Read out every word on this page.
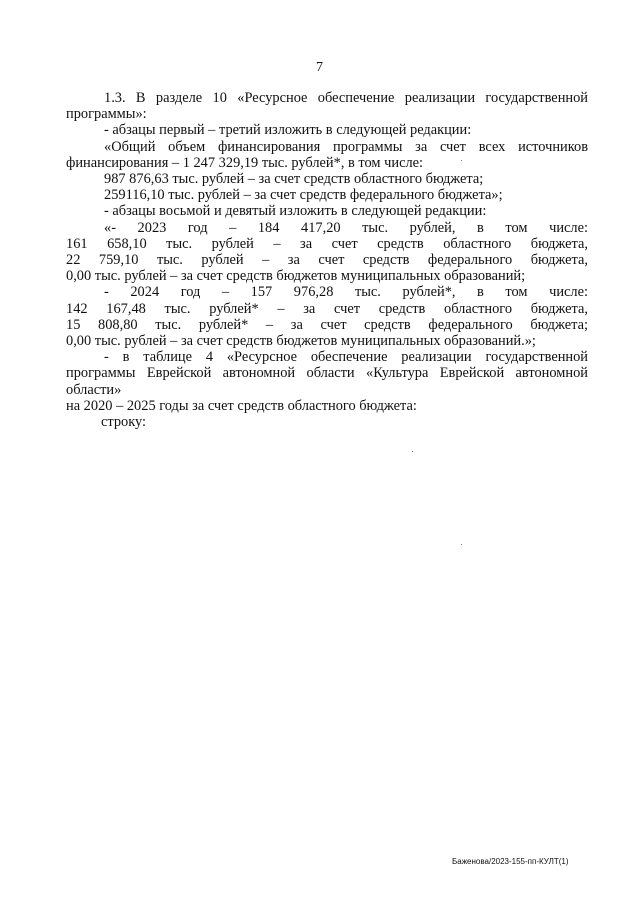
7

1.3. В разделе 10 «Ресурсное обеспечение реализации государственной

программы»:

- абзацы первый – третий изложить в следующей редакции:

«Общий объем финансирования программы за счет всех источников

финансирования – 1 247 329,19 тыс. рублей*, в том числе:

987 876,63 тыс. рублей – за счет средств областного бюджета;

259116,10 тыс. рублей – за счет средств федерального бюджета»;

- абзацы восьмой и девятый изложить в следующей редакции:

«- 2023 год – 184 417,20 тыс. рублей, в том числе:

161 658,10 тыс. рублей – за счет средств областного бюджета,

22 759,10 тыс. рублей – за счет средств федерального бюджета,

0,00 тыс. рублей – за счет средств бюджетов муниципальных образований;

- 2024 год – 157 976,28 тыс. рублей*, в том числе:

142 167,48 тыс. рублей* – за счет средств областного бюджета,

15 808,80 тыс. рублей* – за счет средств федерального бюджета;

0,00 тыс. рублей – за счет средств бюджетов муниципальных образований.»;

- в таблице 4 «Ресурсное обеспечение реализации государственной

программы Еврейской автономной области «Культура Еврейской автономной

области»

на 2020 – 2025 годы за счет средств областного бюджета:

строку:

Баженова/2023-155-пп-КУЛТ(1)
